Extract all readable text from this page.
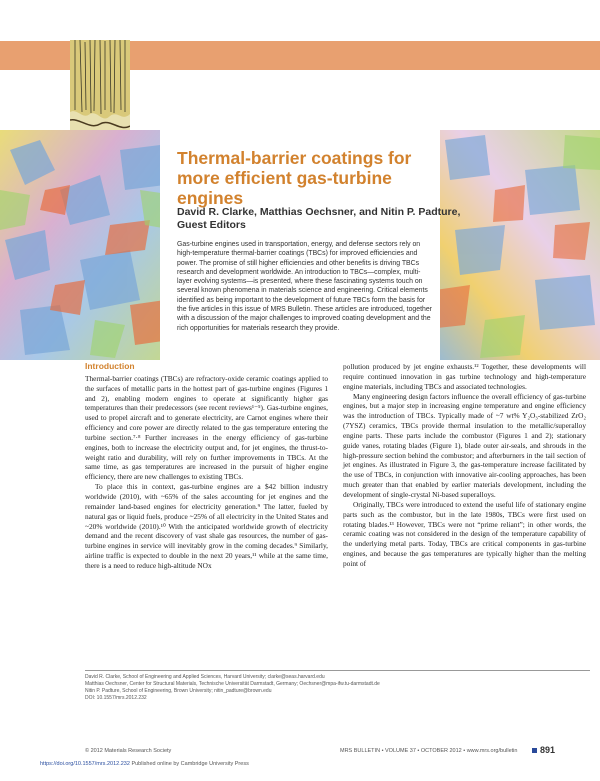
Thermal-barrier coatings for more efficient gas-turbine engines
David R. Clarke, Matthias Oechsner, and Nitin P. Padture, Guest Editors
Gas-turbine engines used in transportation, energy, and defense sectors rely on high-temperature thermal-barrier coatings (TBCs) for improved efficiencies and power. The promise of still higher efficiencies and other benefits is driving TBCs research and development worldwide. An introduction to TBCs—complex, multi-layer evolving systems—is presented, where these fascinating systems touch on several known phenomena in materials science and engineering. Critical elements identified as being important to the development of future TBCs form the basis for the five articles in this issue of MRS Bulletin. These articles are introduced, together with a discussion of the major challenges to improved coating development and the rich opportunities for materials research they provide.
Introduction

Thermal-barrier coatings (TBCs) are refractory-oxide ceramic coatings applied to the surfaces of metallic parts in the hottest part of gas-turbine engines (Figures 1 and 2), enabling modern engines to operate at significantly higher gas temperatures than their predecessors (see recent reviews¹⁻⁵). Gas-turbine engines, used to propel aircraft and to generate electricity, are Carnot engines where their efficiency and core power are directly related to the gas temperature entering the turbine section.⁷·⁸ Further increases in the energy efficiency of gas-turbine engines, both to increase the electricity output and, for jet engines, the thrust-to-weight ratio and durability, will rely on further improvements in TBCs. At the same time, as gas temperatures are increased in the pursuit of higher engine efficiency, there are new challenges to existing TBCs.

To place this in context, gas-turbine engines are a $42 billion industry worldwide (2010), with ~65% of the sales accounting for jet engines and the remainder land-based engines for electricity generation.⁹ The latter, fueled by natural gas or liquid fuels, produce ~25% of all electricity in the United States and ~20% worldwide (2010).¹⁰ With the anticipated worldwide growth of electricity demand and the recent discovery of vast shale gas resources, the number of gas-turbine engines in service will inevitably grow in the coming decades.⁹ Similarly, airline traffic is expected to double in the next 20 years,¹¹ while at the same time, there is a need to reduce high-altitude NOx

pollution produced by jet engine exhausts.¹² Together, these developments will require continued innovation in gas turbine technology and high-temperature engine materials, including TBCs and associated technologies.

Many engineering design factors influence the overall efficiency of gas-turbine engines, but a major step in increasing engine temperature and engine efficiency was the introduction of TBCs. Typically made of ~7 wt% Y₂O₃-stabilized ZrO₂ (7YSZ) ceramics, TBCs provide thermal insulation to the metallic/superalloy engine parts. These parts include the combustor (Figures 1 and 2); stationary guide vanes, rotating blades (Figure 1), blade outer air-seals, and shrouds in the high-pressure section behind the combustor; and afterburners in the tail section of jet engines. As illustrated in Figure 3, the gas-temperature increase facilitated by the use of TBCs, in conjunction with innovative air-cooling approaches, has been much greater than that enabled by earlier materials development, including the development of single-crystal Ni-based superalloys.

Originally, TBCs were introduced to extend the useful life of stationary engine parts such as the combustor, but in the late 1980s, TBCs were first used on rotating blades.¹³ However, TBCs were not “prime reliant”; in other words, the ceramic coating was not considered in the design of the temperature capability of the underlying metal parts. Today, TBCs are critical components in gas-turbine engines, and because the gas temperatures are typically higher than the melting point of

David R. Clarke, School of Engineering and Applied Sciences, Harvard University; clarke@seas.harvard.edu
Matthias Oechsner, Center for Structural Materials, Technische Universität Darmstadt, Germany; Oechsner@mpa-ifw.tu-darmstadt.de
Nitin P. Padture, School of Engineering, Brown University; nitin_padture@brown.edu
DOI: 10.1557/mrs.2012.232
© 2012 Materials Research Society	MRS BULLETIN • VOLUME 37 • OCTOBER 2012 • www.mrs.org/bulletin	891
https://doi.org/10.1557/mrs.2012.232 Published online by Cambridge University Press
